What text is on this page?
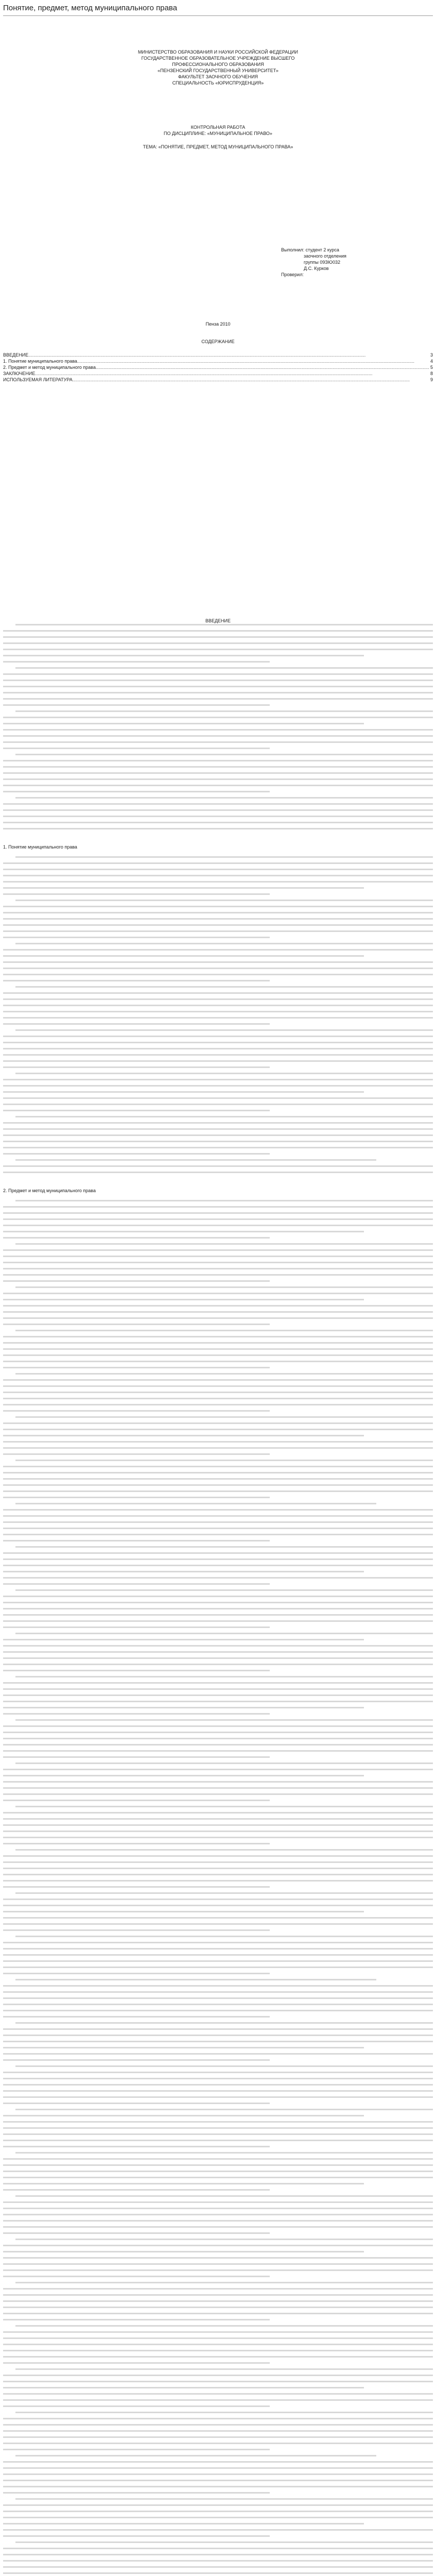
Понятие, предмет, метод муниципального права
МИНИСТЕРСТВО ОБРАЗОВАНИЯ И НАУКИ РОССИЙСКОЙ ФЕДЕРАЦИИ
ГОСУДАРСТВЕННОЕ ОБРАЗОВАТЕЛЬНОЕ УЧРЕЖДЕНИЕ ВЫСШЕГО
ПРОФЕССИОНАЛЬНОГО ОБРАЗОВАНИЯ
«ПЕНЗЕНСКИЙ ГОСУДАРСТВЕННЫЙ УНИВЕРСИТЕТ»
ФАКУЛЬТЕТ ЗАОЧНОГО ОБУЧЕНИЯ
СПЕЦИАЛЬНОСТЬ «ЮРИСПРУДЕНЦИЯ»
КОНТРОЛЬНАЯ РАБОТА
ПО ДИСЦИПЛИНЕ: «МУНИЦИПАЛЬНОЕ ПРАВО»
ТЕМА: «ПОНЯТИЕ, ПРЕДМЕТ, МЕТОД МУНИЦИПАЛЬНОГО ПРАВА»
Выполнил: студент 2 курса
заочного отделения
группы 09ЗЮ032
Д.С. Курков
Проверил:
Пенза 2010
СОДЕРЖАНИЕ
ВВЕДЕНИЕ .....	3
1. Понятие муниципального права .....	4
2. Предмет и метод муниципального права .....	5
ЗАКЛЮЧЕНИЕ .....	8
ИСПОЛЬЗУЕМАЯ ЛИТЕРАТУРА .....	9
ВВЕДЕНИЕ
1. Понятие муниципального права
2. Предмет и метод муниципального права
